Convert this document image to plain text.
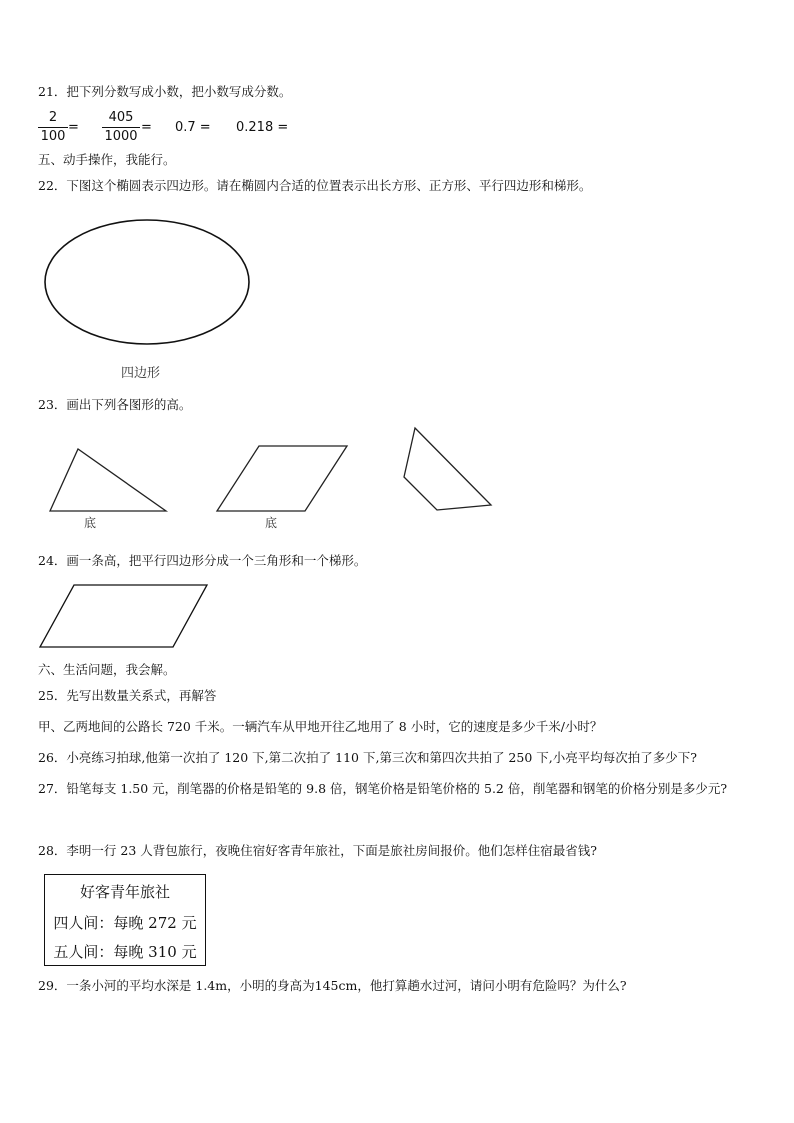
21．把下列分数写成小数，把小数写成分数。
2
100
=
405
1000
= 0.7 = 0.218 =
五、动手操作，我能行。
22．下图这个椭圆表示四边形。请在椭圆内合适的位置表示出长方形、正方形、平行四边形和梯形。
23．画出下列各图形的高。
24．画一条高，把平行四边形分成一个三角形和一个梯形。
四边形
底	底
六、生活问题，我会解。
25．先写出数量关系式，再解答
甲、乙两地间的公路长 720 千米。一辆汽车从甲地开往乙地用了 8 小时，它的速度是多少千米/小时？
26．小亮练习拍球,他第一次拍了 120 下,第二次拍了 110 下,第三次和第四次共拍了 250 下,小亮平均每次拍了多少下?
27．铅笔每支 1.50 元，削笔器的价格是铅笔的 9.8 倍，钢笔价格是铅笔价格的 5.2 倍，削笔器和钢笔的价格分别是多少元?
28．李明一行 23 人背包旅行，夜晚住宿好客青年旅社，下面是旅社房间报价。他们怎样住宿最省钱?
好客青年旅社
四人间：每晚 272 元
五人间：每晚 310 元
29．一条小河的平均水深是 1.4m，小明的身高为145cm，他打算趟水过河，请问小明有危险吗？为什么?
